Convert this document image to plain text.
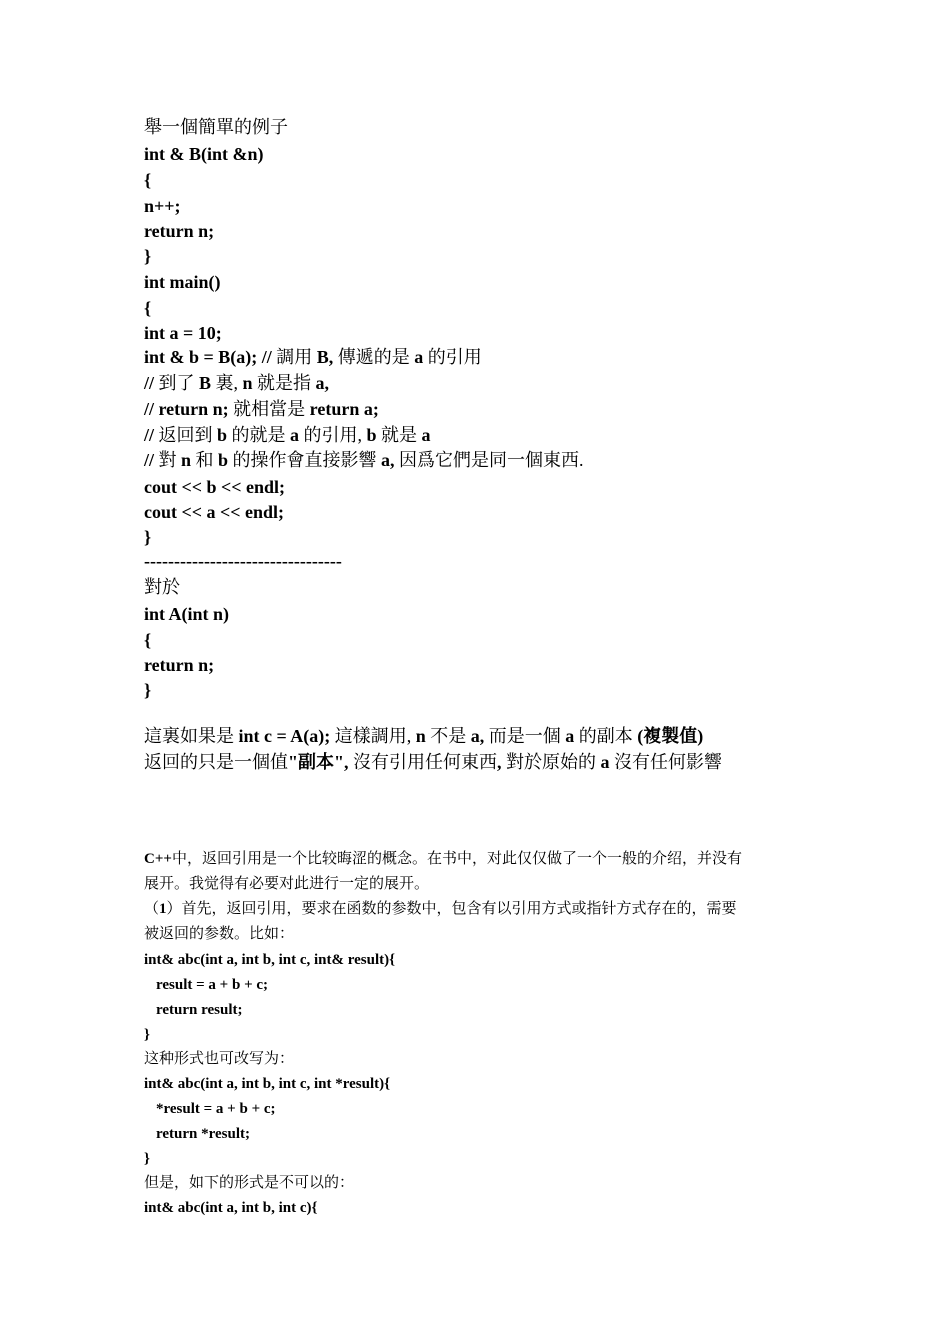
舉一個簡單的例子
int & B(int &n)
{
n++;
return n;
}
int main()
{
int a = 10;
int & b = B(a); // 調用 B, 傳遞的是 a 的引用
// 到了 B 裏, n 就是指 a,
// return n; 就相當是 return a;
// 返回到 b 的就是 a 的引用, b 就是 a
// 對 n 和 b 的操作會直接影響 a, 因爲它們是同一個東西.
cout << b << endl;
cout << a << endl;
}
---------------------------------
對於
int A(int n)
{
return n;
}
這裏如果是 int c = A(a); 這樣調用, n 不是 a, 而是一個 a 的副本 (複製值)
返回的只是一個值"副本", 沒有引用任何東西, 對於原始的 a 沒有任何影響
C++中，返回引用是一个比较晦涩的概念。在书中，对此仅仅做了一个一般的介绍，并没有
展开。我觉得有必要对此进行一定的展开。
（1）首先，返回引用，要求在函数的参数中，包含有以引用方式或指针方式存在的，需要
被返回的参数。比如：
int& abc(int a, int b, int c, int& result){
result = a + b + c;
return result;
}
这种形式也可改写为：
int& abc(int a, int b, int c, int *result){
*result = a + b + c;
return *result;
}
但是，如下的形式是不可以的：
int& abc(int a, int b, int c){
